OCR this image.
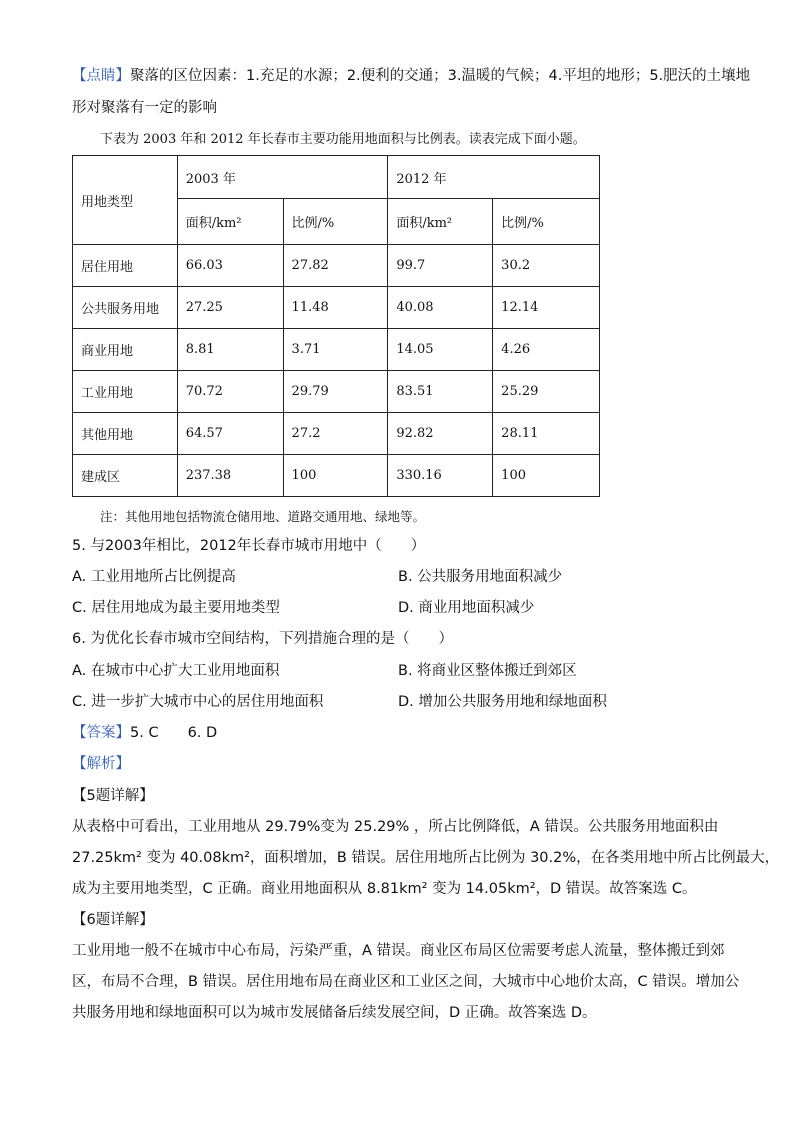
【点睛】聚落的区位因素：1.充足的水源；2.便利的交通；3.温暖的气候；4.平坦的地形；5.肥沃的土壤地
形对聚落有一定的影响
下表为 2003 年和 2012 年长春市主要功能用地面积与比例表。读表完成下面小题。
用地类型	2003 年		2012 年	
	面积/km²	比例/%	面积/km²	比例/%
居住用地	66.03	27.82	99.7	30.2
公共服务用地	27.25	11.48	40.08	12.14
商业用地	8.81	3.71	14.05	4.26
工业用地	70.72	29.79	83.51	25.29
其他用地	64.57	27.2	92.82	28.11
建成区	237.38	100	330.16	100
注：其他用地包括物流仓储用地、道路交通用地、绿地等。
5. 与2003年相比，2012年长春市城市用地中（　　）
A. 工业用地所占比例提高	B. 公共服务用地面积减少
C. 居住用地成为最主要用地类型	D. 商业用地面积减少
6. 为优化长春市城市空间结构，下列措施合理的是（　　）
A. 在城市中心扩大工业用地面积	B. 将商业区整体搬迁到郊区
C. 进一步扩大城市中心的居住用地面积	D. 增加公共服务用地和绿地面积
【答案】5. C　　6. D
【解析】
【5题详解】
从表格中可看出，工业用地从 29.79%变为 25.29% ，所占比例降低，A 错误。公共服务用地面积由
27.25km² 变为 40.08km²，面积增加，B 错误。居住用地所占比例为 30.2%，在各类用地中所占比例最大，
成为主要用地类型，C 正确。商业用地面积从 8.81km² 变为 14.05km²，D 错误。故答案选 C。
【6题详解】
工业用地一般不在城市中心布局，污染严重，A 错误。商业区布局区位需要考虑人流量，整体搬迁到郊
区，布局不合理，B 错误。居住用地布局在商业区和工业区之间，大城市中心地价太高，C 错误。增加公
共服务用地和绿地面积可以为城市发展储备后续发展空间，D 正确。故答案选 D。
